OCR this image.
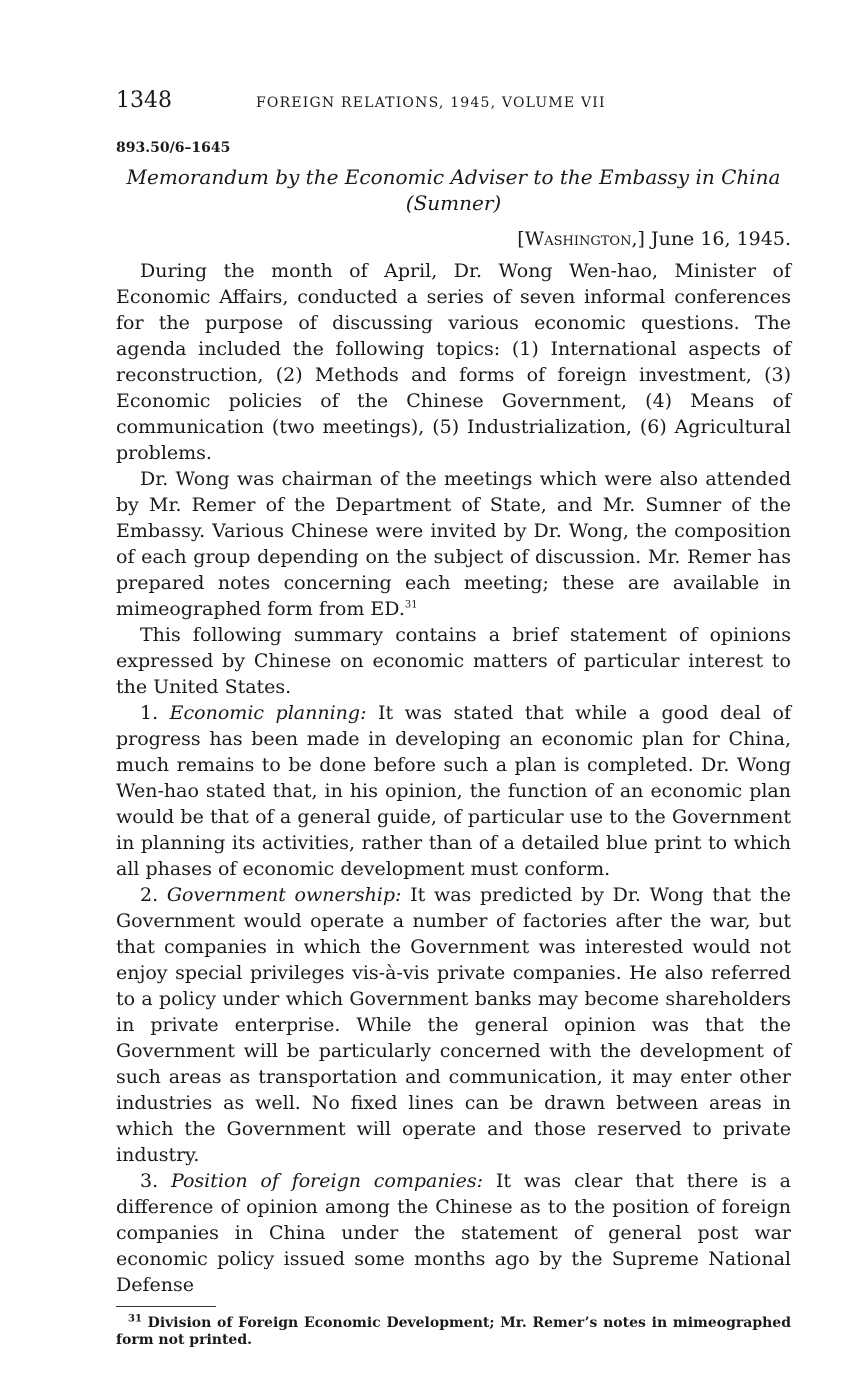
1348	FOREIGN RELATIONS, 1945, VOLUME VII
893.50/6–1645
Memorandum by the Economic Adviser to the Embassy in China
(Sumner)
[Washington,] June 16, 1945.

During the month of April, Dr. Wong Wen-hao, Minister of Economic Affairs, conducted a series of seven informal conferences for the purpose of discussing various economic questions. The agenda included the following topics: (1) International aspects of reconstruction, (2) Methods and forms of foreign investment, (3) Economic policies of the Chinese Government, (4) Means of communication (two meetings), (5) Industrialization, (6) Agricultural problems.

Dr. Wong was chairman of the meetings which were also attended by Mr. Remer of the Department of State, and Mr. Sumner of the Embassy. Various Chinese were invited by Dr. Wong, the composition of each group depending on the subject of discussion. Mr. Remer has prepared notes concerning each meeting; these are available in mimeographed form from ED.$^{31}$

This following summary contains a brief statement of opinions expressed by Chinese on economic matters of particular interest to the United States.

1. Economic planning: It was stated that while a good deal of progress has been made in developing an economic plan for China, much remains to be done before such a plan is completed. Dr. Wong Wen-hao stated that, in his opinion, the function of an economic plan would be that of a general guide, of particular use to the Government in planning its activities, rather than of a detailed blue print to which all phases of economic development must conform.

2. Government ownership: It was predicted by Dr. Wong that the Government would operate a number of factories after the war, but that companies in which the Government was interested would not enjoy special privileges vis-à-vis private companies. He also referred to a policy under which Government banks may become shareholders in private enterprise. While the general opinion was that the Government will be particularly concerned with the development of such areas as transportation and communication, it may enter other industries as well. No fixed lines can be drawn between areas in which the Government will operate and those reserved to private industry.

3. Position of foreign companies: It was clear that there is a difference of opinion among the Chinese as to the position of foreign companies in China under the statement of general post war economic policy issued some months ago by the Supreme National Defense

$^{31}$ Division of Foreign Economic Development; Mr. Remer’s notes in mimeographed form not printed.
